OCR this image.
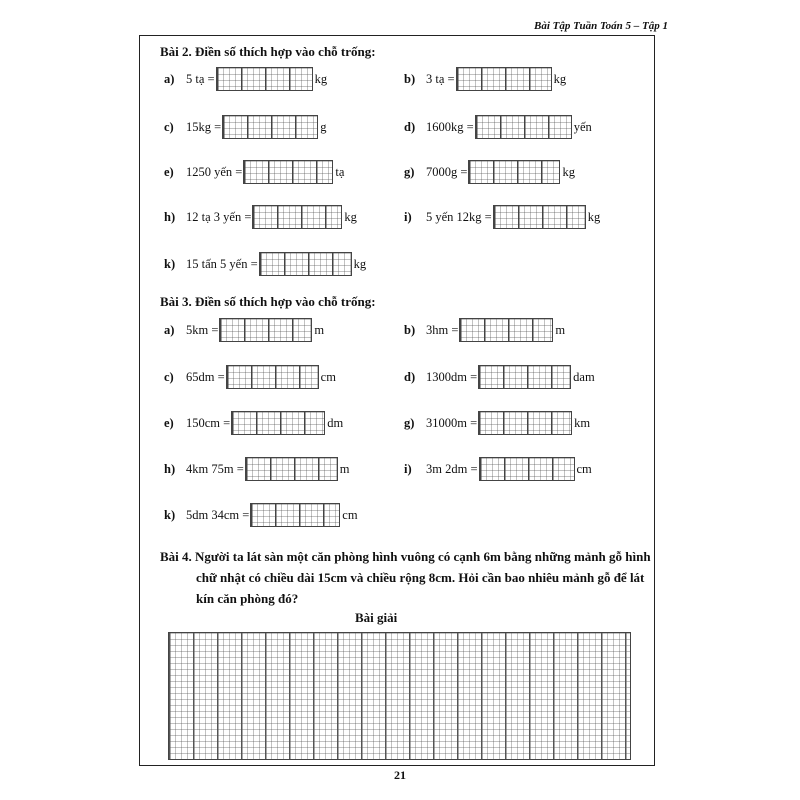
Bài Tập Tuần Toán 5 – Tập 1
Bài 2. Điền số thích hợp vào chỗ trống:
a) 5 tạ =	kg	b) 3 tạ =	kg
c) 15kg =	g	d) 1600kg =	yến
e) 1250 yến =	tạ	g) 7000g =	kg
h) 12 tạ 3 yến =	kg	i)	5 yến 12kg =	kg
k) 15 tấn 5 yến =	kg
Bài 3. Điền số thích hợp vào chỗ trống:
a) 5km =	m	b) 3hm =	m
c) 65dm =	cm	d) 1300dm =	dam
e) 150cm =	dm	g) 31000m =	km
h) 4km 75m =	m	i)	3m 2dm =	cm
k) 5dm 34cm =	cm
Bài 4. Người ta lát sàn một căn phòng hình vuông có cạnh 6m bằng những mảnh gỗ hình
chữ nhật có chiều dài 15cm và chiều rộng 8cm. Hỏi cần bao nhiêu mảnh gỗ để lát
kín căn phòng đó?
Bài giải
21
